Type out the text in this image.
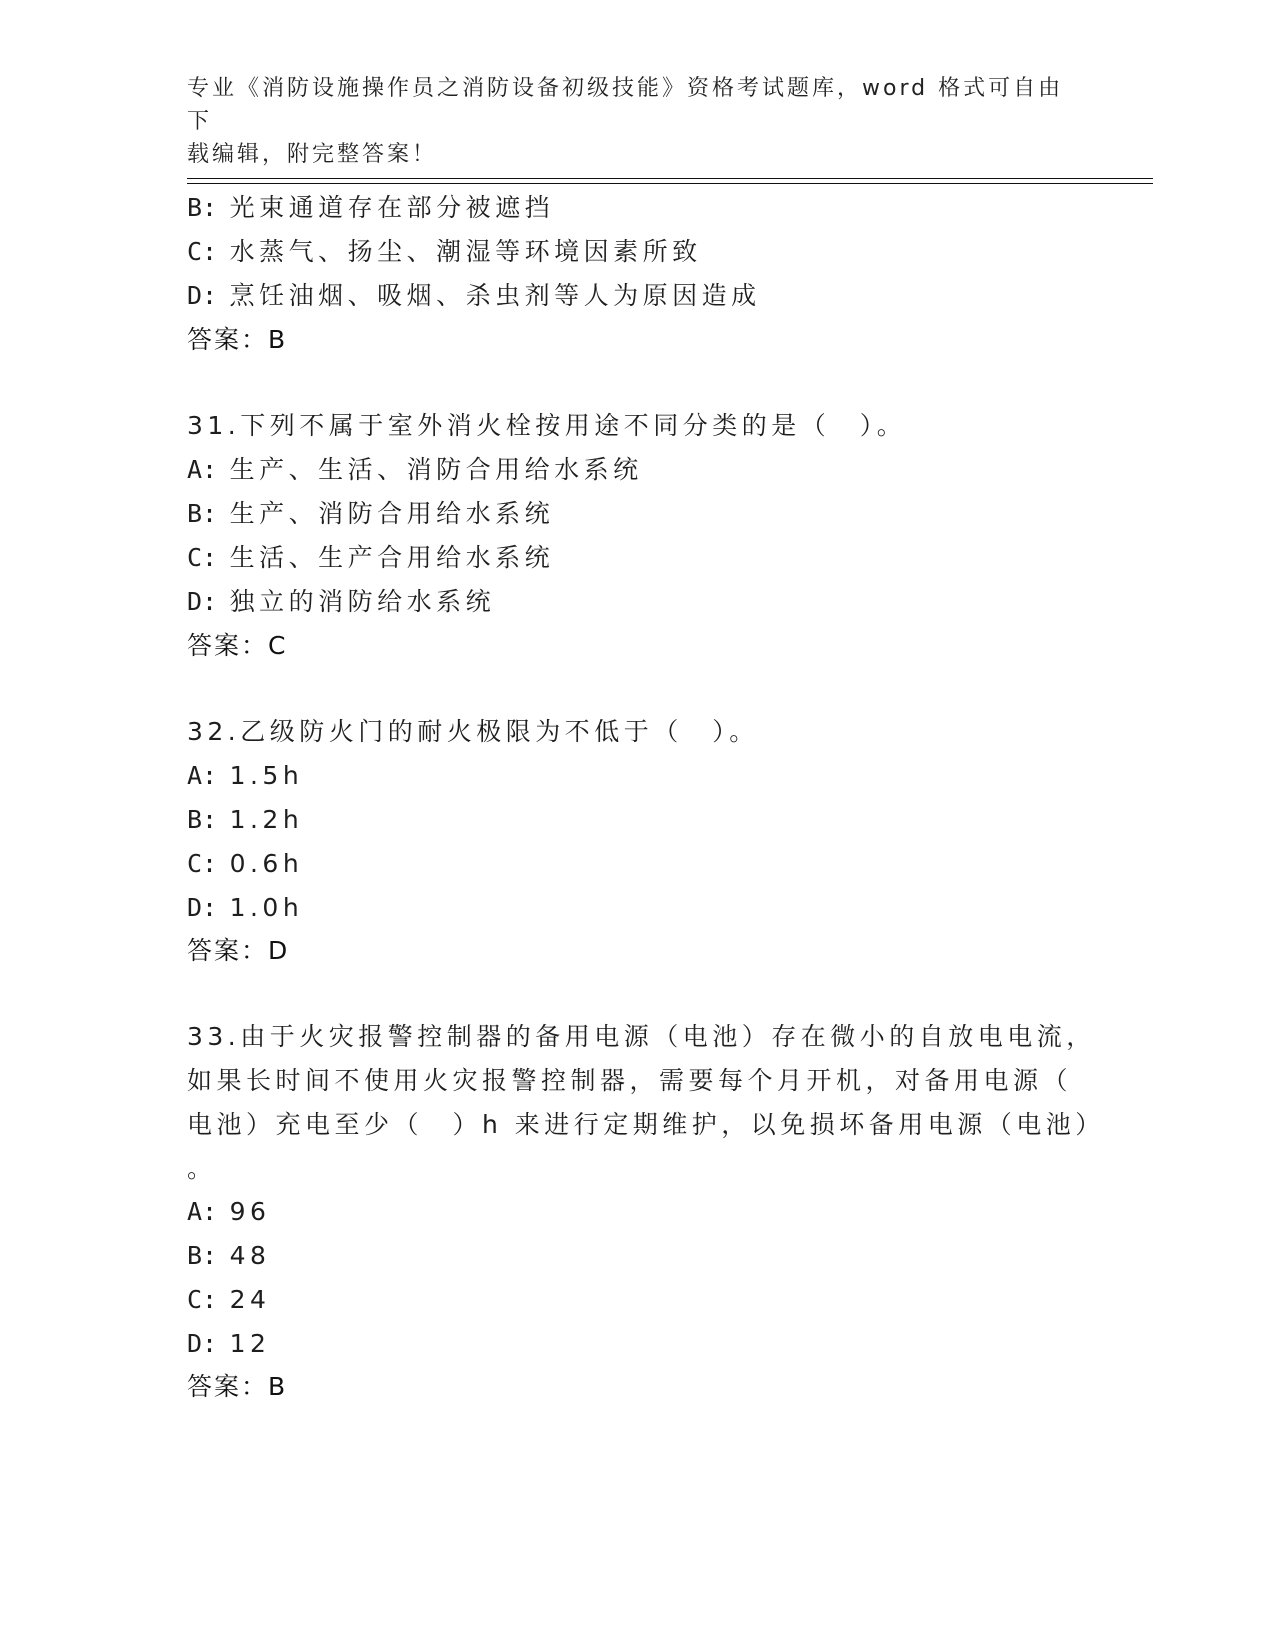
专业《消防设施操作员之消防设备初级技能》资格考试题库，word 格式可自由下
载编辑，附完整答案！
B: 光束通道存在部分被遮挡
C: 水蒸气、扬尘、潮湿等环境因素所致
D: 烹饪油烟、吸烟、杀虫剂等人为原因造成
答案：B
31.下列不属于室外消火栓按用途不同分类的是（　）。
A: 生产、生活、消防合用给水系统
B: 生产、消防合用给水系统
C: 生活、生产合用给水系统
D: 独立的消防给水系统
答案：C
32.乙级防火门的耐火极限为不低于（　）。
A: 1.5h
B: 1.2h
C: 0.6h
D: 1.0h
答案：D
33.由于火灾报警控制器的备用电源（电池）存在微小的自放电电流，
如果长时间不使用火灾报警控制器，需要每个月开机，对备用电源（
电池）充电至少（　）h 来进行定期维护，以免损坏备用电源（电池）
。
A: 96
B: 48
C: 24
D: 12
答案：B
